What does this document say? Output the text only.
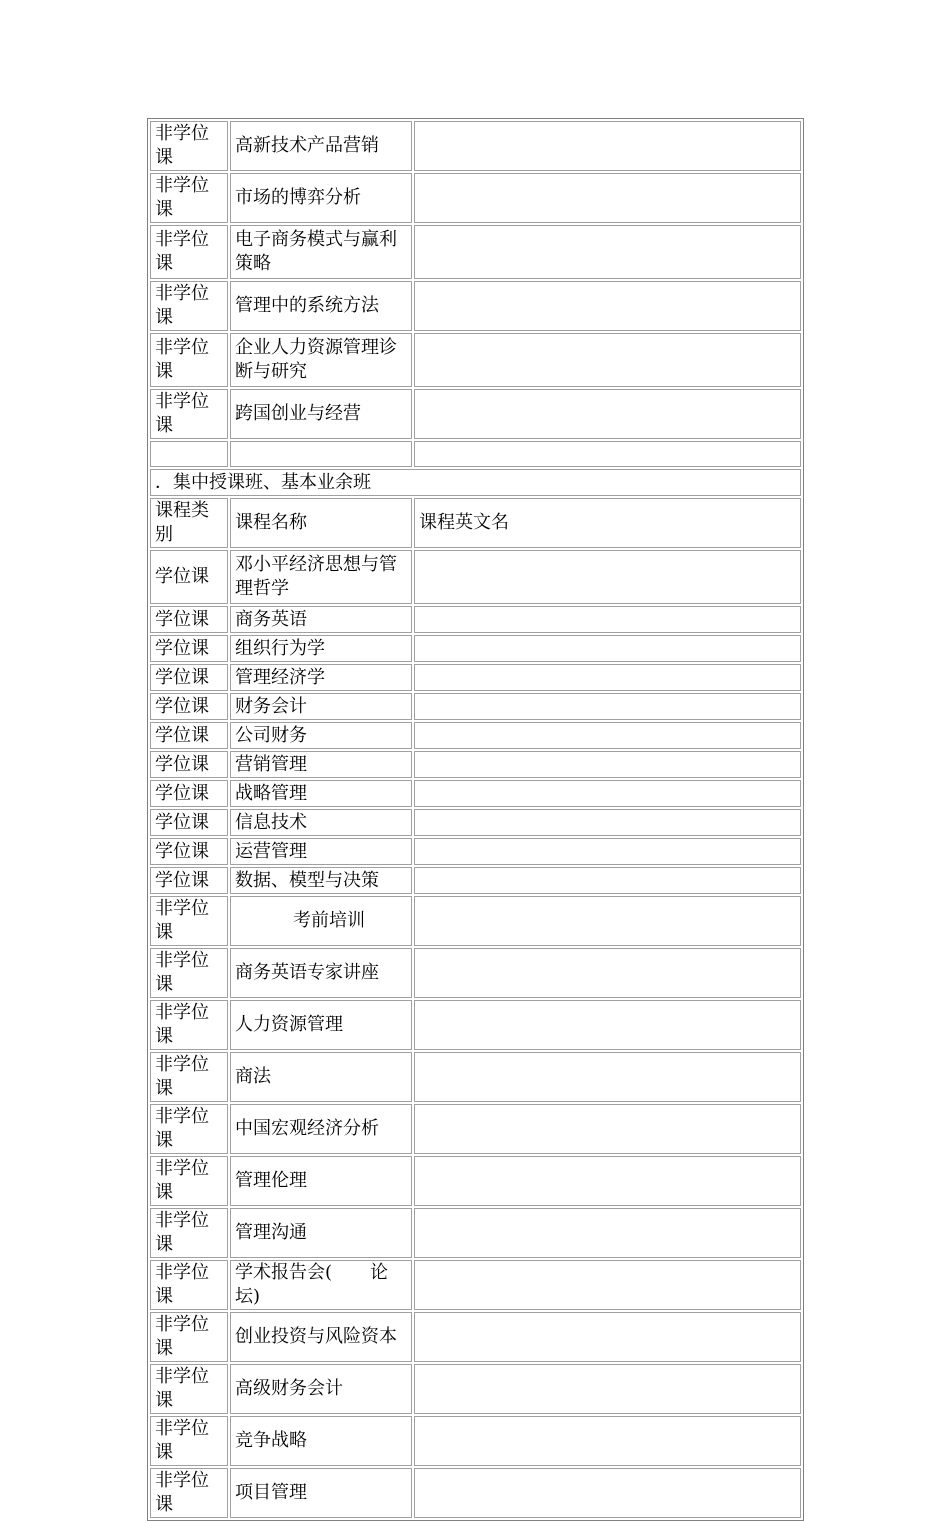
非学位课	高新技术产品营销	
非学位课	市场的博弈分析	
非学位课	电子商务模式与赢利策略	
非学位课	管理中的系统方法	
非学位课	企业人力资源管理诊断与研究	
非学位课	跨国创业与经营	

．集中授课班、基本业余班		
课程类别	课程名称	课程英文名
学位课	邓小平经济思想与管理哲学	
学位课	商务英语	
学位课	组织行为学	
学位课	管理经济学	
学位课	财务会计	
学位课	公司财务	
学位课	营销管理	
学位课	战略管理	
学位课	信息技术	
学位课	运营管理	
学位课	数据、模型与决策	
非学位课	考前培训	
非学位课	商务英语专家讲座	
非学位课	人力资源管理	
非学位课	商法	
非学位课	中国宏观经济分析	
非学位课	管理伦理	
非学位课	管理沟通	
非学位课	学术报告会( 论坛)	
非学位课	创业投资与风险资本	
非学位课	高级财务会计	
非学位课	竞争战略	
非学位课	项目管理	
